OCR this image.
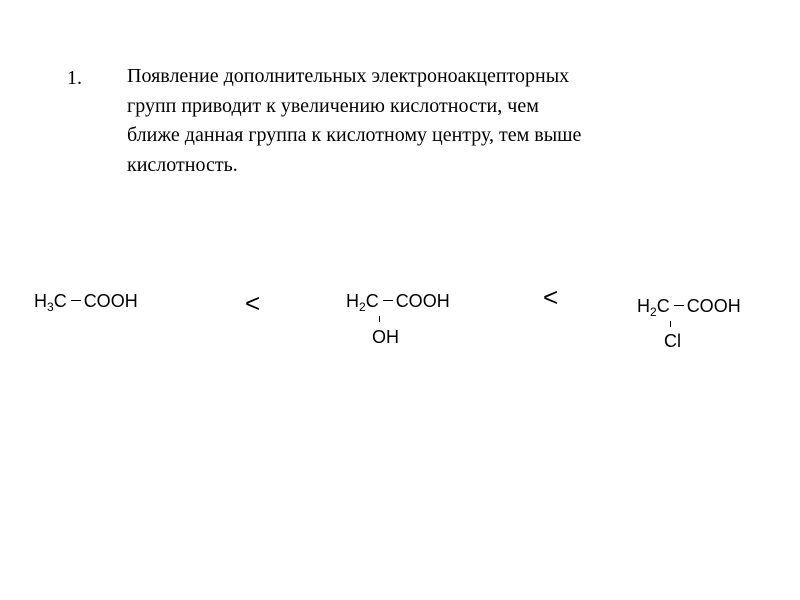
1. Появление дополнительных электроноакцепторных
групп приводит к увеличению кислотности, чем
ближе данная группа к кислотному центру, тем выше
кислотность.
$H_3C$ COOH	<	$H_2C$ COOH
OH
<	$H_2C$ COOH
Cl
